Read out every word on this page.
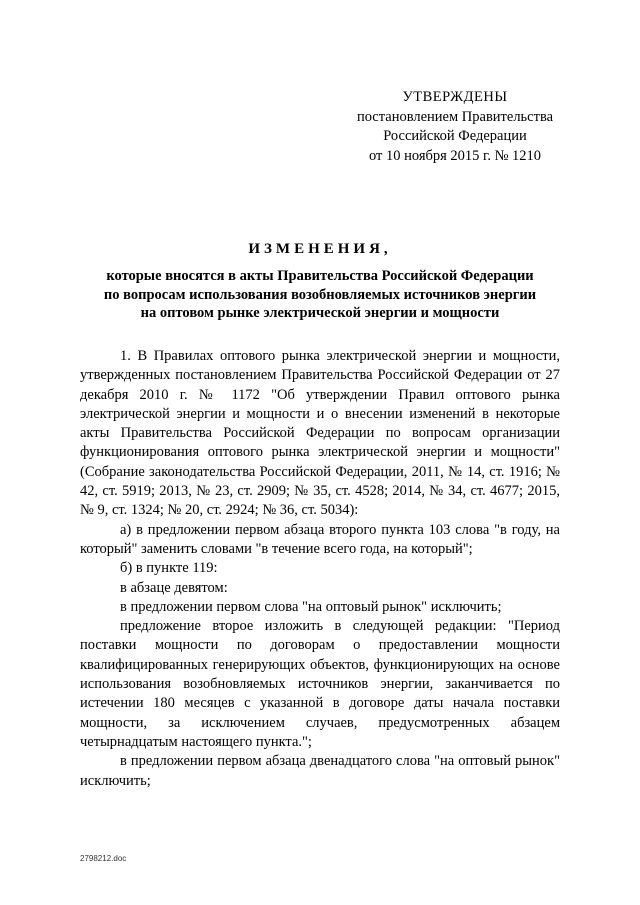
УТВЕРЖДЕНЫ
постановлением Правительства
Российской Федерации
от 10 ноября 2015 г. № 1210
ИЗМЕНЕНИЯ,
которые вносятся в акты Правительства Российской Федерации
по вопросам использования возобновляемых источников энергии
на оптовом рынке электрической энергии и мощности

1. В Правилах оптового рынка электрической энергии и мощности, утвержденных постановлением Правительства Российской Федерации от 27 декабря 2010 г. № 1172 "Об утверждении Правил оптового рынка электрической энергии и мощности и о внесении изменений в некоторые акты Правительства Российской Федерации по вопросам организации функционирования оптового рынка электрической энергии и мощности" (Собрание законодательства Российской Федерации, 2011, № 14, ст. 1916; № 42, ст. 5919; 2013, № 23, ст. 2909; № 35, ст. 4528; 2014, № 34, ст. 4677; 2015, № 9, ст. 1324; № 20, ст. 2924; № 36, ст. 5034):

а) в предложении первом абзаца второго пункта 103 слова "в году, на который" заменить словами "в течение всего года, на который";

б) в пункте 119:

в абзаце девятом:

в предложении первом слова "на оптовый рынок" исключить;

предложение второе изложить в следующей редакции: "Период поставки мощности по договорам о предоставлении мощности квалифицированных генерирующих объектов, функционирующих на основе использования возобновляемых источников энергии, заканчивается по истечении 180 месяцев с указанной в договоре даты начала поставки мощности, за исключением случаев, предусмотренных абзацем четырнадцатым настоящего пункта.";

в предложении первом абзаца двенадцатого слова "на оптовый рынок" исключить;

2798212.doc
